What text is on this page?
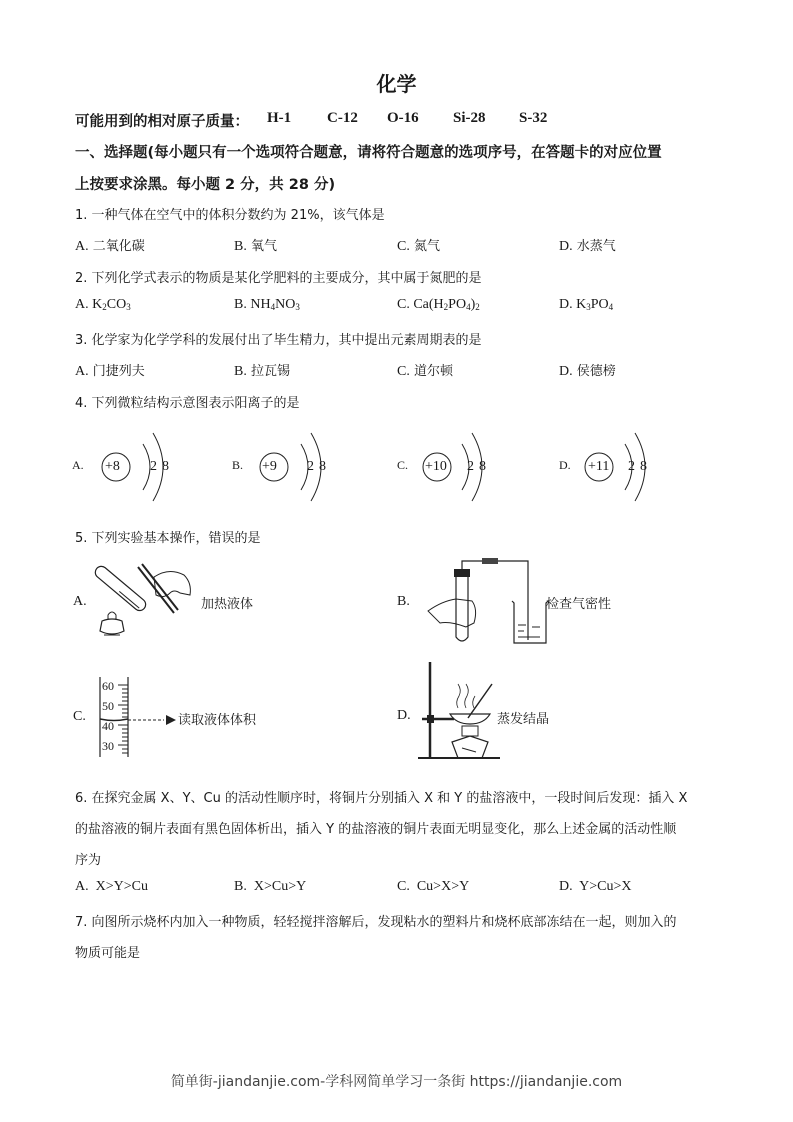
化学
可能用到的相对原子质量： H-1 C-12 O-16 Si-28 S-32
一、选择题(每小题只有一个选项符合题意，请将符合题意的选项序号，在答题卡的对应位置
上按要求涂黑。每小题 2 分，共 28 分)
1. 一种气体在空气中的体积分数约为 21%，该气体是
A. 二氧化碳	B. 氧气	C. 氮气	D. 水蒸气
2. 下列化学式表示的物质是某化学肥料的主要成分，其中属于氮肥的是
A. $K_2CO_3$	B. $NH_4NO_3$	C. $Ca(H_2PO_4)_2$	D. $K_3PO_4$
3. 化学家为化学学科的发展付出了毕生精力，其中提出元素周期表的是
A. 门捷列夫	B. 拉瓦锡	C. 道尔顿	D. 侯德榜
4. 下列微粒结构示意图表示阳离子的是
A. +8 2 8	B. +9 2 8	C. +10 2 8	D. +11 2 8
5. 下列实验基本操作，错误的是
A.	加热液体	B.	检查气密性
C.
60
50
40
30
读取液体体积	D.	蒸发结晶
6. 在探究金属 X、Y、Cu 的活动性顺序时，将铜片分别插入 X 和 Y 的盐溶液中，一段时间后发现：插入 X
的盐溶液的铜片表面有黑色固体析出，插入 Y 的盐溶液的铜片表面无明显变化，那么上述金属的活动性顺
序为
A. X>Y>Cu	B. X>Cu>Y	C. Cu>X>Y	D. Y>Cu>X
7. 向图所示烧杯内加入一种物质，轻轻搅拌溶解后，发现粘水的塑料片和烧杯底部冻结在一起，则加入的
物质可能是
简单街-jiandanjie.com-学科网简单学习一条街 https://jiandanjie.com
